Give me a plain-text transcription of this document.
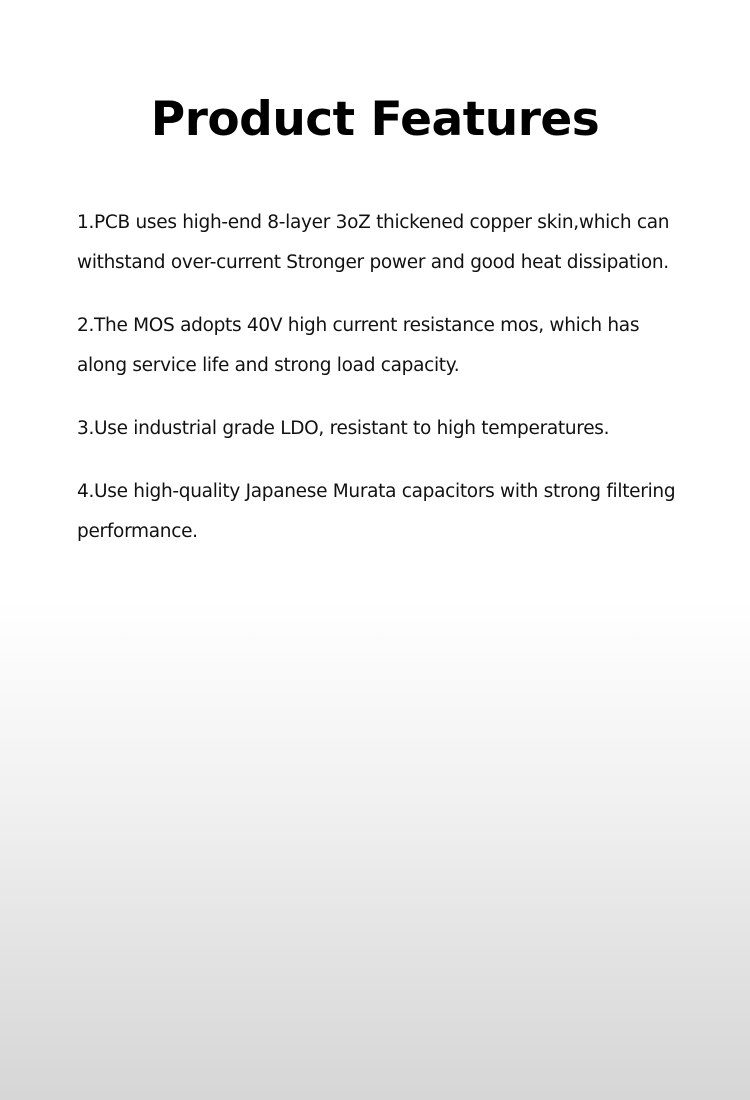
Product Features
1.PCB uses high-end 8-layer 3oZ thickened copper skin,which can withstand over-current Stronger power and good heat dissipation.
2.The MOS adopts 40V high current resistance mos, which has along service life and strong load capacity.
3.Use industrial grade LDO, resistant to high temperatures.
4.Use high-quality Japanese Murata capacitors with strong filtering performance.
